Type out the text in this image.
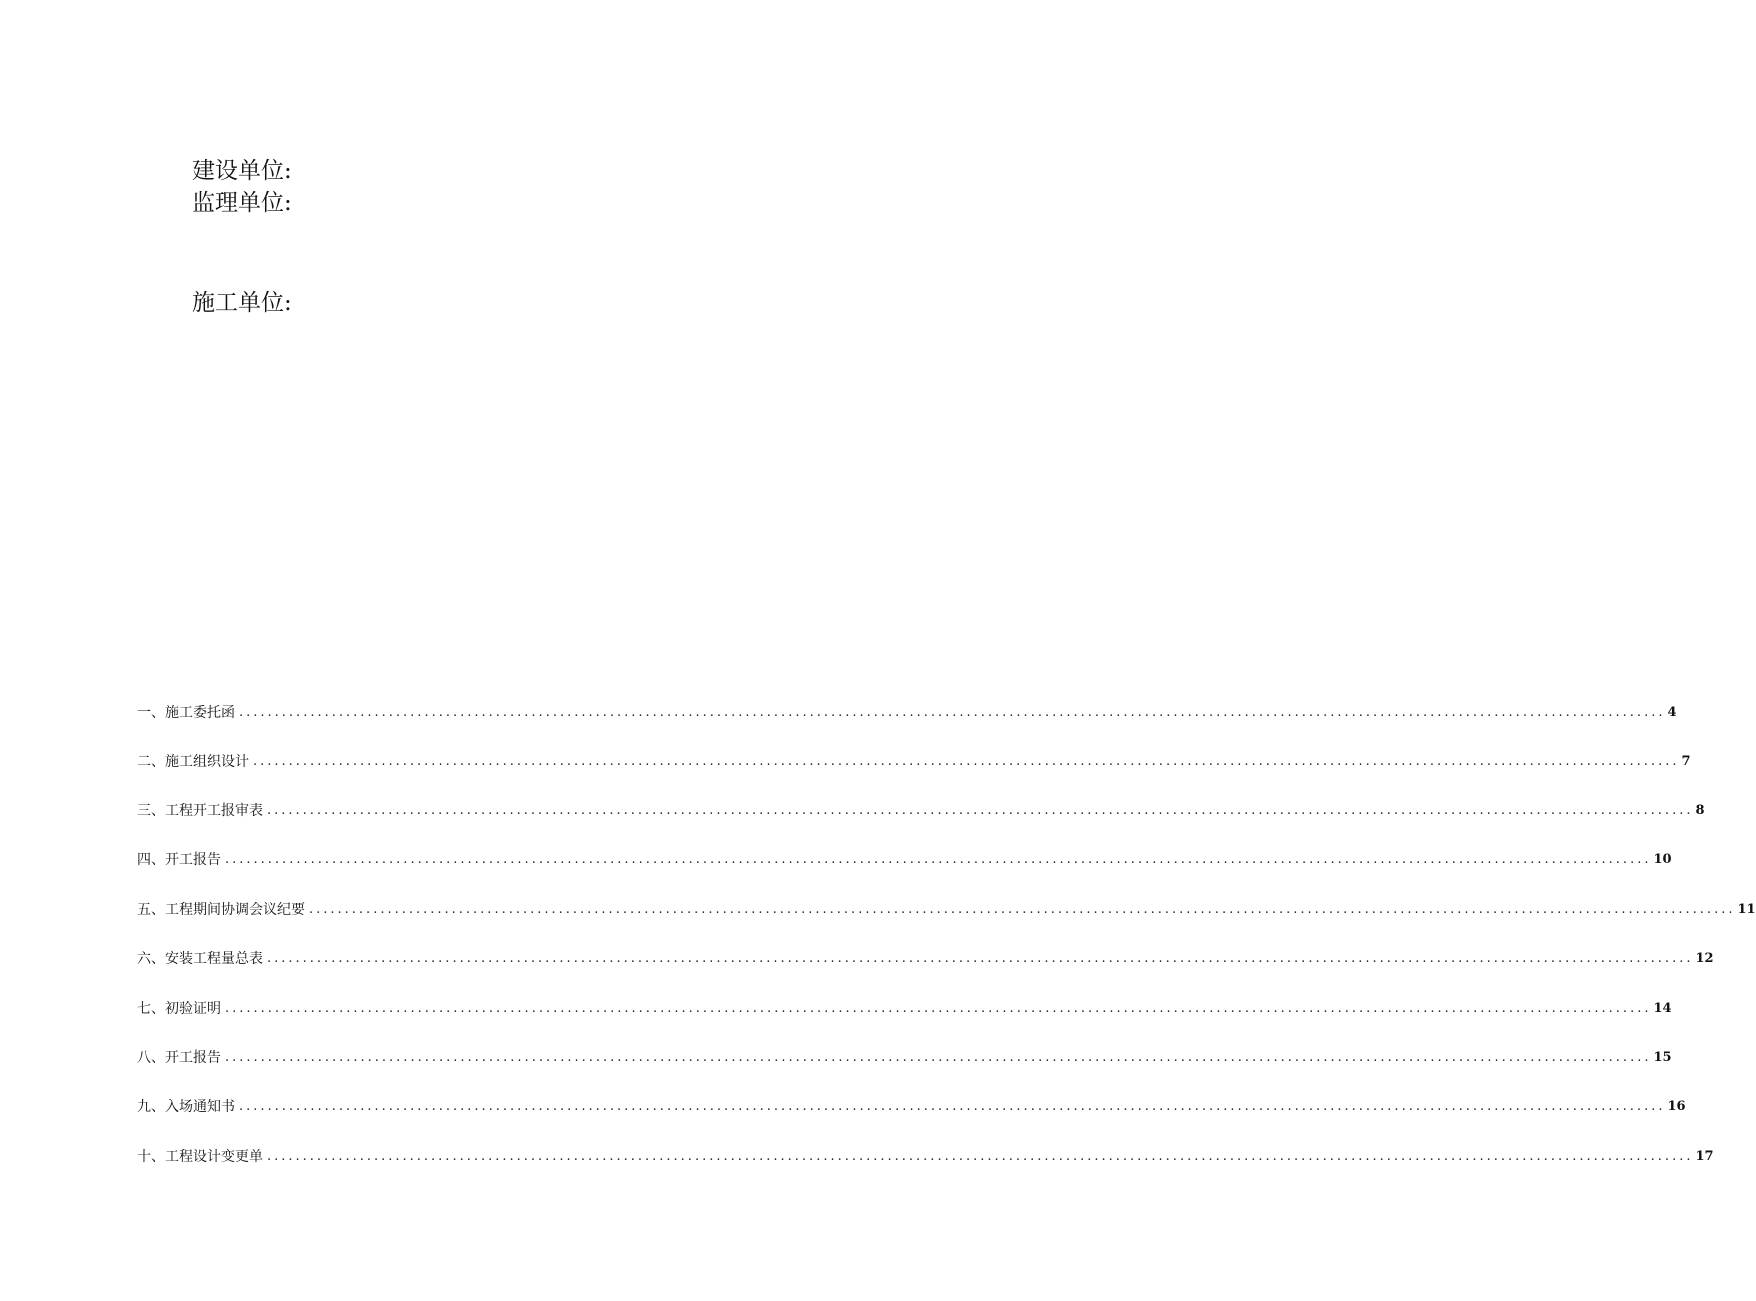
建设单位:
监理单位:
施工单位:
一、施工委托函 ........................................................................................................................................................................................................ 4
二、施工组织设计 ........................................................................................................................................................................................................ 7
三、工程开工报审表 ........................................................................................................................................................................................................ 8
四、开工报告 ........................................................................................................................................................................................................ 10
五、工程期间协调会议纪要 ........................................................................................................................................................................................................ 11
六、安装工程量总表 ........................................................................................................................................................................................................ 12
七、初验证明 ........................................................................................................................................................................................................ 14
八、开工报告 ........................................................................................................................................................................................................ 15
九、入场通知书 ........................................................................................................................................................................................................ 16
十、工程设计变更单 ........................................................................................................................................................................................................ 17
